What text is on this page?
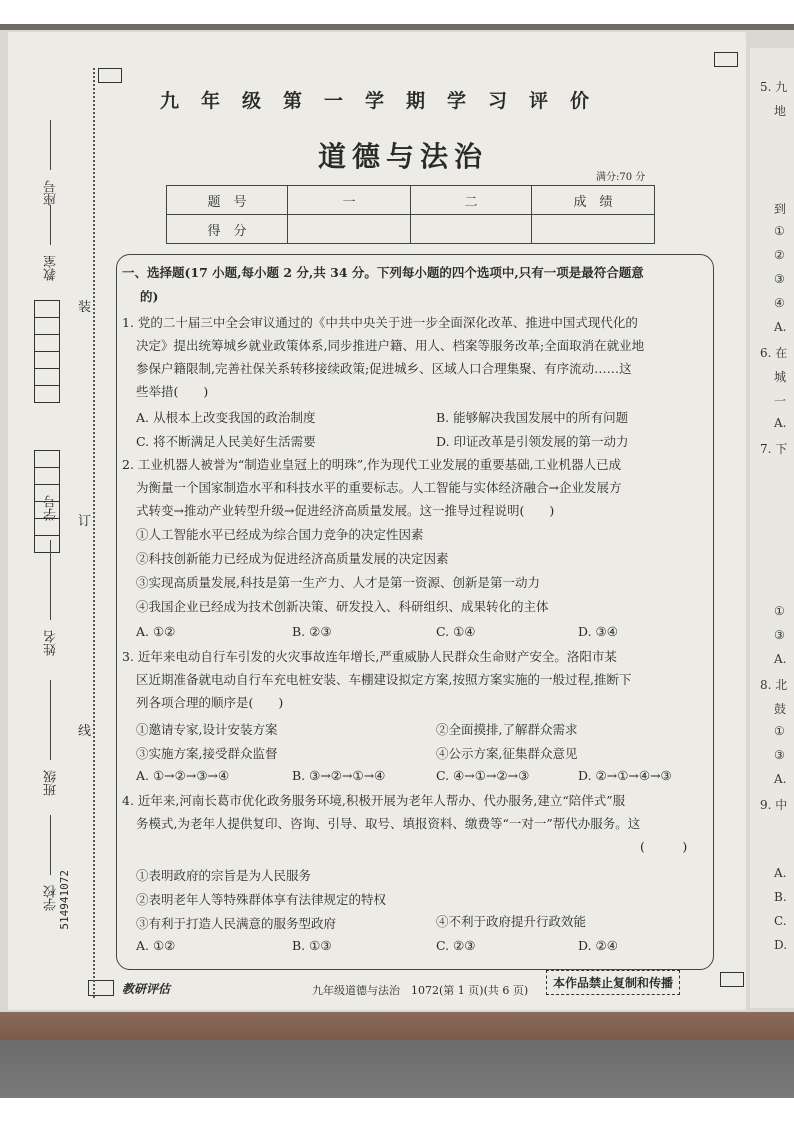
九年级第一学期学习评价
道德与法治
满分:70 分
题　号	一	二	成　绩
得　分			
座号
教室
学号
姓名
班级
学校 514941072
装
订
线
一、选择题(17 小题,每小题 2 分,共 34 分。下列每小题的四个选项中,只有一项是最符合题意
的)
1. 党的二十届三中全会审议通过的《中共中央关于进一步全面深化改革、推进中国式现代化的
决定》提出统筹城乡就业政策体系,同步推进户籍、用人、档案等服务改革;全面取消在就业地
参保户籍限制,完善社保关系转移接续政策;促进城乡、区域人口合理集聚、有序流动……这
些举措(　　)
A. 从根本上改变我国的政治制度	B. 能够解决我国发展中的所有问题
C. 将不断满足人民美好生活需要	D. 印证改革是引领发展的第一动力
2. 工业机器人被誉为“制造业皇冠上的明珠”,作为现代工业发展的重要基础,工业机器人已成
为衡量一个国家制造水平和科技水平的重要标志。人工智能与实体经济融合→企业发展方
式转变→推动产业转型升级→促进经济高质量发展。这一推导过程说明(　　)
①人工智能水平已经成为综合国力竞争的决定性因素
②科技创新能力已经成为促进经济高质量发展的决定因素
③实现高质量发展,科技是第一生产力、人才是第一资源、创新是第一动力
④我国企业已经成为技术创新决策、研发投入、科研组织、成果转化的主体
A. ①②	B. ②③	C. ①④	D. ③④
3. 近年来电动自行车引发的火灾事故连年增长,严重威胁人民群众生命财产安全。洛阳市某
区近期准备就电动自行车充电桩安装、车棚建设拟定方案,按照方案实施的一般过程,推断下
列各项合理的顺序是(　　)
①邀请专家,设计安装方案	②全面摸排,了解群众需求
③实施方案,接受群众监督	④公示方案,征集群众意见
A. ①→②→③→④	B. ③→②→①→④	C. ④→①→②→③	D. ②→①→④→③
4. 近年来,河南长葛市优化政务服务环境,积极开展为老年人帮办、代办服务,建立“陪伴式”服
务模式,为老年人提供复印、咨询、引导、取号、填报资料、缴费等“一对一”帮代办服务。这
(　　　)
①表明政府的宗旨是为人民服务
②表明老年人等特殊群体享有法律规定的特权
③有利于打造人民满意的服务型政府	④不利于政府提升行政效能
A. ①②	B. ①③	C. ②③	D. ②④
教研评估	九年级道德与法治　1072(第 1 页)(共 6 页)
本作品禁止复制和传播
5. 九
地
到
①
②
③
④
A.
6. 在
城
一
A.
7. 下
①
③
A.
8. 北
鼓
①
③
A.
9. 中
A.
B.
C.
D.
